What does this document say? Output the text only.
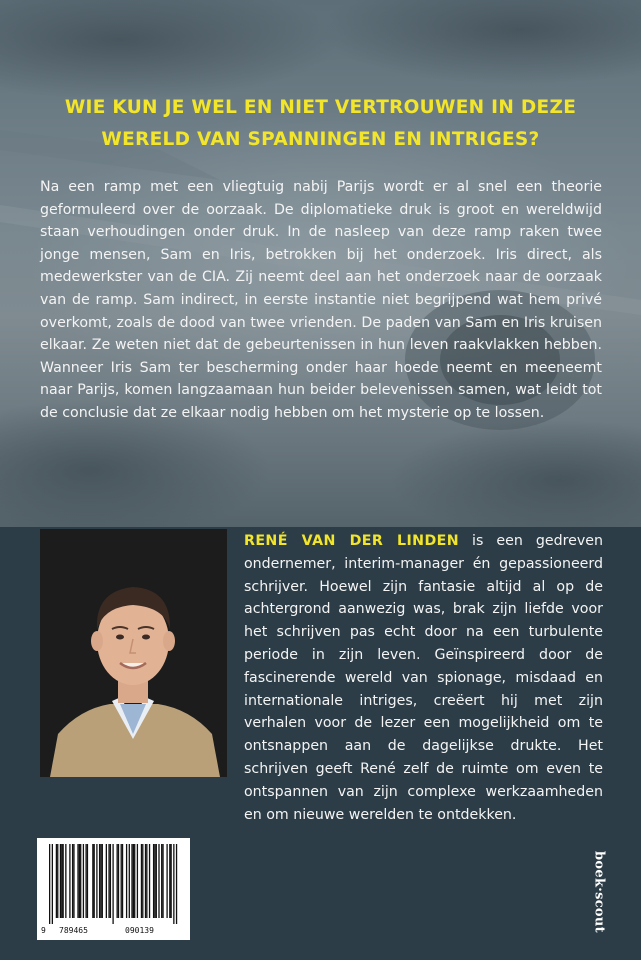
WIE KUN JE WEL EN NIET VERTROUWEN IN DEZE WERELD VAN SPANNINGEN EN INTRIGES?

Na een ramp met een vliegtuig nabij Parijs wordt er al snel een theorie geformuleerd over de oorzaak. De diplomatieke druk is groot en wereldwijd staan verhoudingen onder druk. In de nasleep van deze ramp raken twee jonge mensen, Sam en Iris, betrokken bij het onderzoek. Iris direct, als medewerkster van de CIA. Zij neemt deel aan het onderzoek naar de oorzaak van de ramp. Sam indirect, in eerste instantie niet begrijpend wat hem privé overkomt, zoals de dood van twee vrienden. De paden van Sam en Iris kruisen elkaar. Ze weten niet dat de gebeurtenissen in hun leven raakvlakken hebben. Wanneer Iris Sam ter bescherming onder haar hoede neemt en meeneemt naar Parijs, komen langzaamaan hun beider belevenissen samen, wat leidt tot de conclusie dat ze elkaar nodig hebben om het mysterie op te lossen.

RENÉ VAN DER LINDEN is een gedreven ondernemer, interim-manager én gepassioneerd schrijver. Hoewel zijn fantasie altijd al op de achtergrond aanwezig was, brak zijn liefde voor het schrijven pas echt door na een turbulente periode in zijn leven. Geïnspireerd door de fascinerende wereld van spionage, misdaad en internationale intriges, creëert hij met zijn verhalen voor de lezer een mogelijkheid om te ontsnappen aan de dagelijkse drukte. Het schrijven geeft René zelf de ruimte om even te ontspannen van zijn complexe werkzaamheden en om nieuwe werelden te ontdekken.

9 789465	090139	boek·scout
